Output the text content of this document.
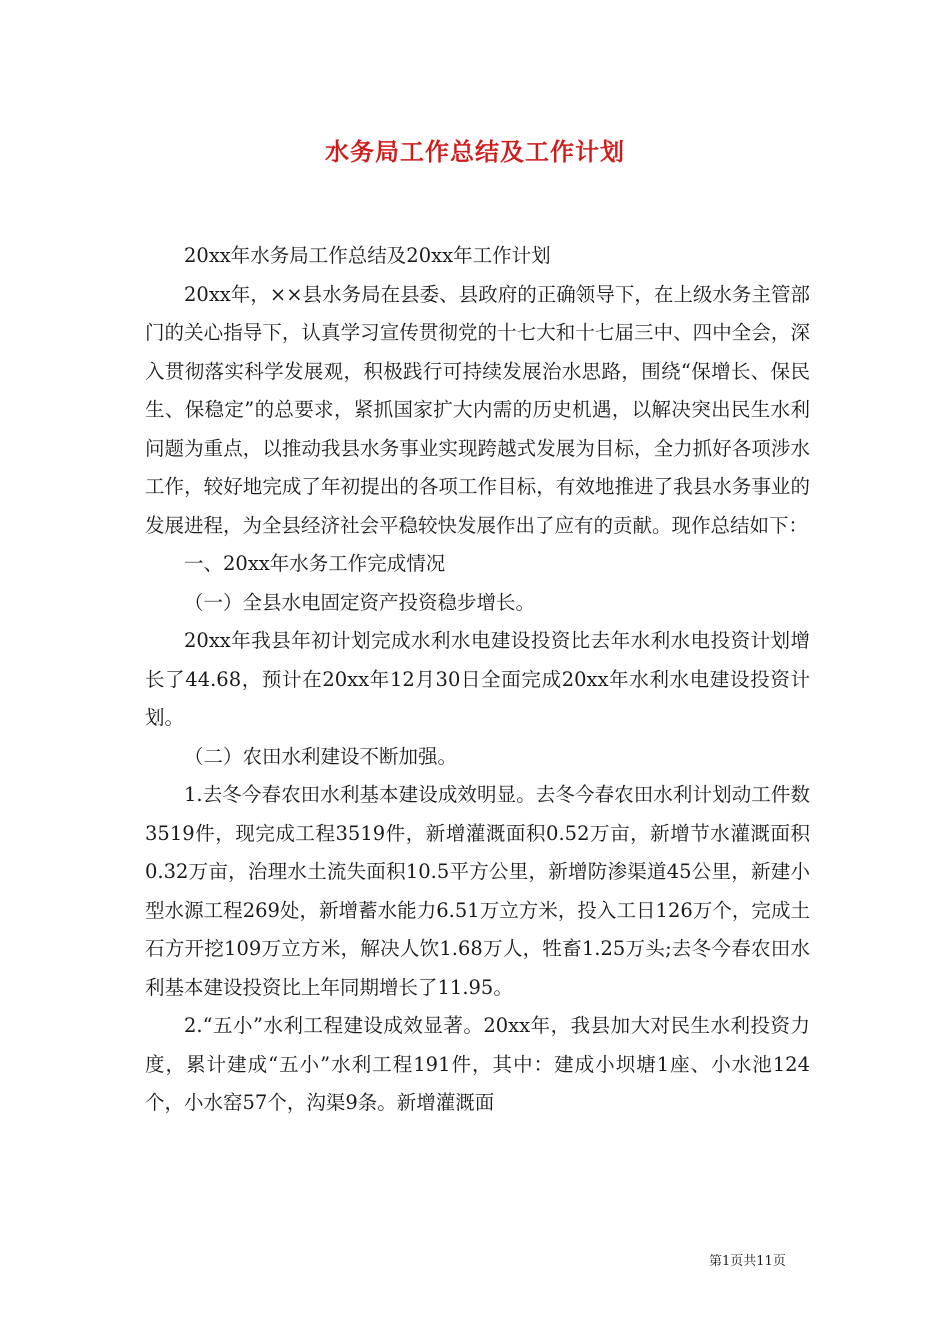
水务局工作总结及工作计划

20xx年水务局工作总结及20xx年工作计划

20xx年，××县水务局在县委、县政府的正确领导下，在上级水务主管部门的关心指导下，认真学习宣传贯彻党的十七大和十七届三中、四中全会，深入贯彻落实科学发展观，积极践行可持续发展治水思路，围绕“保增长、保民生、保稳定”的总要求，紧抓国家扩大内需的历史机遇，以解决突出民生水利问题为重点，以推动我县水务事业实现跨越式发展为目标，全力抓好各项涉水工作，较好地完成了年初提出的各项工作目标，有效地推进了我县水务事业的发展进程，为全县经济社会平稳较快发展作出了应有的贡献。现作总结如下：

一、20xx年水务工作完成情况

（一）全县水电固定资产投资稳步增长。

20xx年我县年初计划完成水利水电建设投资比去年水利水电投资计划增长了44.68，预计在20xx年12月30日全面完成20xx年水利水电建设投资计划。

（二）农田水利建设不断加强。

1.去冬今春农田水利基本建设成效明显。去冬今春农田水利计划动工件数3519件，现完成工程3519件，新增灌溉面积0.52万亩，新增节水灌溉面积0.32万亩，治理水土流失面积10.5平方公里，新增防渗渠道45公里，新建小型水源工程269处，新增蓄水能力6.51万立方米，投入工日126万个，完成土石方开挖109万立方米，解决人饮1.68万人，牲畜1.25万头;去冬今春农田水利基本建设投资比上年同期增长了11.95。

2.“五小”水利工程建设成效显著。20xx年，我县加大对民生水利投资力度，累计建成“五小”水利工程191件，其中：建成小坝塘1座、小水池124个，小水窑57个，沟渠9条。新增灌溉面

第1页共11页
